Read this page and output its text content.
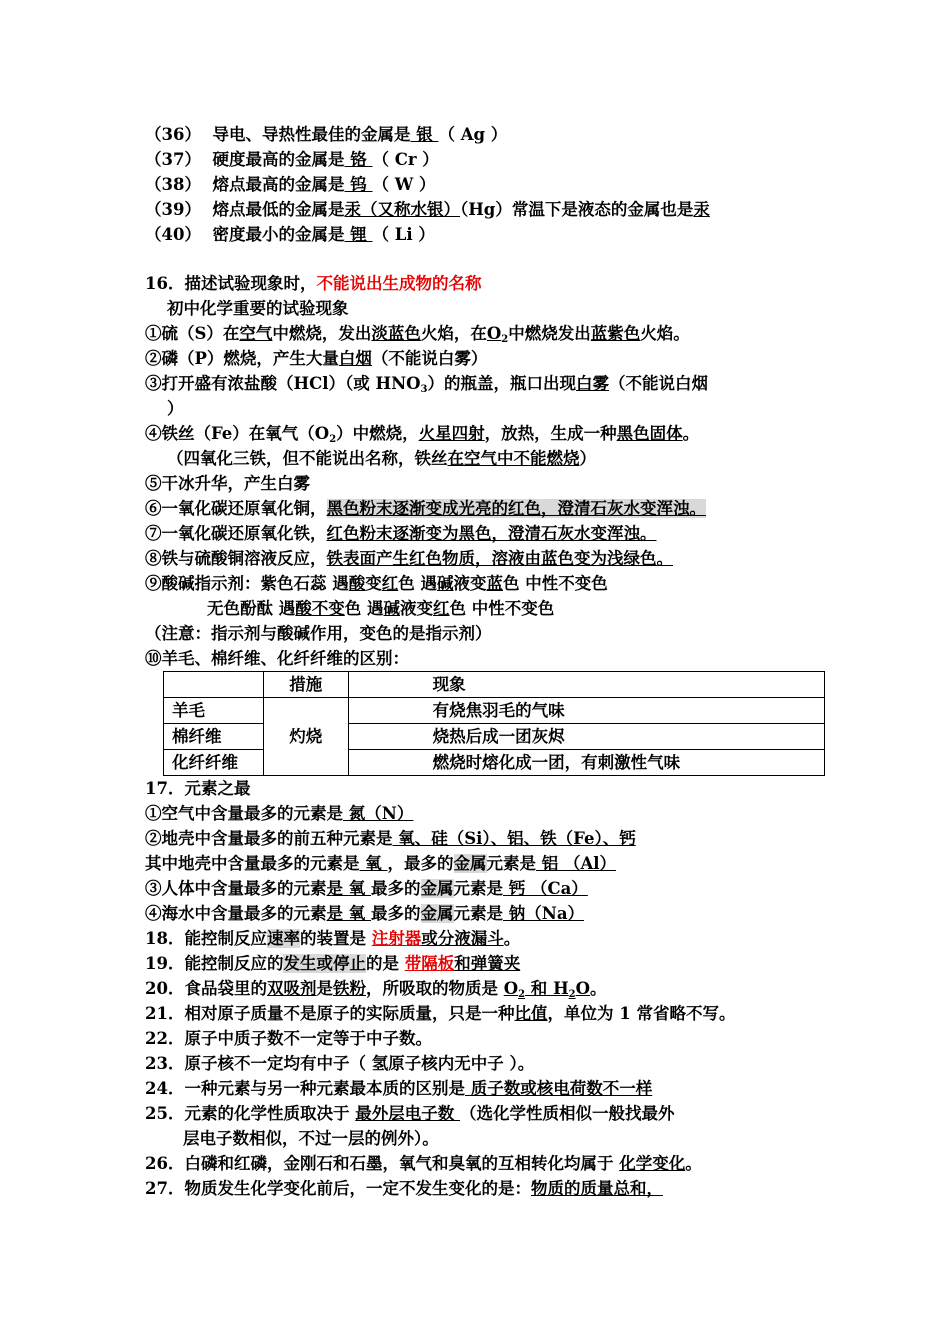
（36） 导电、导热性最佳的金属是 银 （ Ag ）
（37） 硬度最高的金属是 铬 （ Cr ）
（38） 熔点最高的金属是 钨 （ W ）
（39） 熔点最低的金属是汞（又称水银）（Hg）常温下是液态的金属也是汞
（40） 密度最小的金属是 锂 （ Li ）
16．描述试验现象时，不能说出生成物的名称
初中化学重要的试验现象
①硫（S）在空气中燃烧，发出淡蓝色火焰，在$O_2$中燃烧发出蓝紫色火焰。
②磷（P）燃烧，产生大量白烟（不能说白雾）
③打开盛有浓盐酸（HCl）（或 $HNO_3$）的瓶盖，瓶口出现白雾（不能说白烟
）
④铁丝（Fe）在氧气$(O_2)$中燃烧，火星四射，放热，生成一种黑色固体。
（四氧化三铁，但不能说出名称，铁丝在空气中不能燃烧）
⑤干冰升华，产生白雾
⑥一氧化碳还原氧化铜，黑色粉末逐渐变成光亮的红色，澄清石灰水变浑浊。
⑦一氧化碳还原氧化铁，红色粉末逐渐变为黑色，澄清石灰水变浑浊。
⑧铁与硫酸铜溶液反应，铁表面产生红色物质，溶液由蓝色变为浅绿色。
⑨酸碱指示剂：紫色石蕊 遇酸变红色 遇碱液变蓝色 中性不变色
无色酚酞 遇酸不变色 遇碱液变红色 中性不变色
（注意：指示剂与酸碱作用，变色的是指示剂）
⑩羊毛、棉纤维、化纤纤维的区别：
	措施	现象
羊毛	灼烧	有烧焦羽毛的气味
棉纤维		烧热后成一团灰烬
化纤纤维		燃烧时熔化成一团，有刺激性气味
17．元素之最
①空气中含量最多的元素是 氮（N）
②地壳中含量最多的前五种元素是 氧、硅（Si）、铝、铁（Fe）、钙
其中地壳中含量最多的元素是 氧 ，最多的金属元素是 铝 （Al）
③人体中含量最多的元素是 氧 最多的金属元素是 钙 （Ca）
④海水中含量最多的元素是 氧 最多的金属元素是 钠（Na）
18．能控制反应速率的装置是 注射器或分液漏斗。
19．能控制反应的发生或停止的是 带隔板和弹簧夹
20．食品袋里的双吸剂是铁粉，所吸取的物质是 $O_2$ 和 $H_2O$。
21．相对原子质量不是原子的实际质量，只是一种比值，单位为 1 常省略不写。
22．原子中质子数不一定等于中子数。
23．原子核不一定均有中子（ 氢原子核内无中子 ）。
24．一种元素与另一种元素最本质的区别是 质子数或核电荷数不一样
25．元素的化学性质取决于 最外层电子数 （选化学性质相似一般找最外
层电子数相似，不过一层的例外）。
26．白磷和红磷，金刚石和石墨，氧气和臭氧的互相转化均属于 化学变化。
27．物质发生化学变化前后，一定不发生变化的是：物质的质量总和，
